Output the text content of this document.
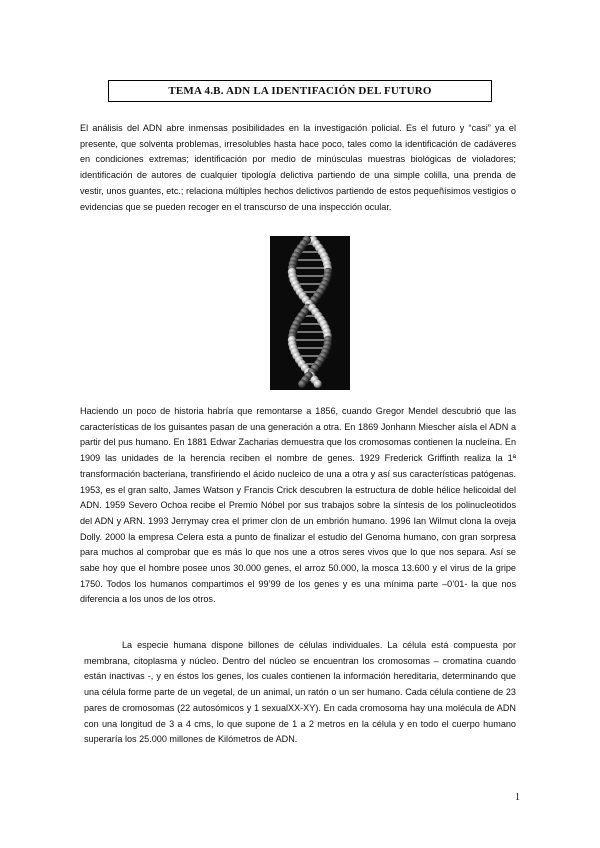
TEMA 4.B. ADN LA IDENTIFACIÓN DEL FUTURO

El análisis del ADN abre inmensas posibilidades en la investigación policial. Es el futuro y “casi” ya el presente, que solventa problemas, irresolubles hasta hace poco, tales como la identificación de cadáveres en condiciones extremas; identificación por medio de minúsculas muestras biológicas de violadores; identificación de autores de cualquier tipología delictiva partiendo de una simple colilla, una prenda de vestir, unos guantes, etc.; relaciona múltiples hechos delictivos partiendo de estos pequeñísimos vestigios o evidencias que se pueden recoger en el transcurso de una inspección ocular.

Haciendo un poco de historia habría que remontarse a 1856, cuando Gregor Mendel descubrió que las características de los guisantes pasan de una generación a otra. En 1869 Jonhann Miescher aísla el ADN a partir del pus humano. En 1881 Edwar Zacharias demuestra que los cromosomas contienen la nucleína. En 1909 las unidades de la herencia reciben el nombre de genes. 1929 Frederick Griffinth realiza la 1ª transformación bacteriana, transfiriendo el ácido nucleico de una a otra y así sus características patógenas. 1953, es el gran salto, James Watson y Francis Crick descubren la estructura de doble hélice helicoidal del ADN. 1959 Severo Ochoa recibe el Premio Nóbel por sus trabajos sobre la síntesis de los polinucleotidos del ADN y ARN. 1993 Jerrymay crea el primer clon de un embrión humano. 1996 Ian Wilmut clona la oveja Dolly. 2000 la empresa Celera esta a punto de finalizar el estudio del Genoma humano, con gran sorpresa para muchos al comprobar que es más lo que nos une a otros seres vivos que lo que nos separa. Así se sabe hoy que el hombre posee unos 30.000 genes, el arroz 50.000, la mosca 13.600 y el virus de la gripe 1750. Todos los humanos compartimos el 99’99 de los genes y es una mínima parte –0’01- la que nos diferencia a los unos de los otros.

La especie humana dispone billones de células individuales. La célula está compuesta por membrana, citoplasma y núcleo. Dentro del núcleo se encuentran los cromosomas – cromatina cuando están inactivas -, y en éstos los genes, los cuales contienen la información hereditaria, determinando que una célula forme parte de un vegetal, de un animal, un ratón o un ser humano. Cada célula contiene de 23 pares de cromosomas (22 autosómicos y 1 sexualXX-XY). En cada cromosoma hay una molécula de ADN con una longitud de 3 a 4 cms, lo que supone de 1 a 2 metros en la célula y en todo el cuerpo humano superaría los 25.000 millones de Kilómetros de ADN.

1
